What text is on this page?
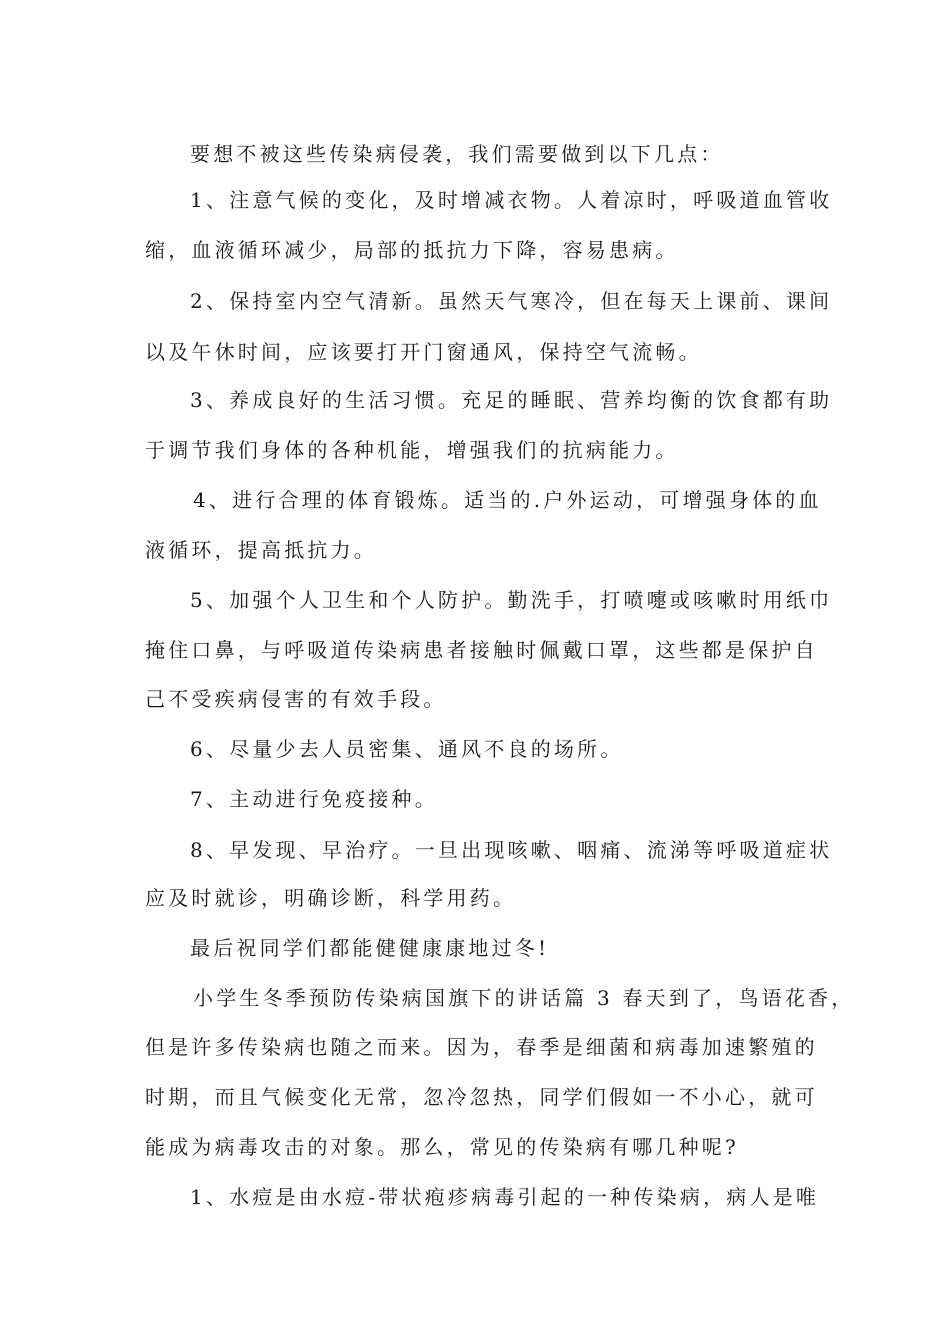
要想不被这些传染病侵袭，我们需要做到以下几点：

1、注意气候的变化，及时增减衣物。人着凉时，呼吸道血管收

缩，血液循环减少，局部的抵抗力下降，容易患病。

2、保持室内空气清新。虽然天气寒冷，但在每天上课前、课间

以及午休时间，应该要打开门窗通风，保持空气流畅。

3、养成良好的生活习惯。充足的睡眠、营养均衡的饮食都有助

于调节我们身体的各种机能，增强我们的抗病能力。

4、进行合理的体育锻炼。适当的.户外运动，可增强身体的血

液循环，提高抵抗力。

5、加强个人卫生和个人防护。勤洗手，打喷嚏或咳嗽时用纸巾

掩住口鼻，与呼吸道传染病患者接触时佩戴口罩，这些都是保护自

己不受疾病侵害的有效手段。

6、尽量少去人员密集、通风不良的场所。

7、主动进行免疫接种。

8、早发现、早治疗。一旦出现咳嗽、咽痛、流涕等呼吸道症状

应及时就诊，明确诊断，科学用药。

最后祝同学们都能健健康康地过冬!

小学生冬季预防传染病国旗下的讲话篇 3 春天到了，鸟语花香，

但是许多传染病也随之而来。因为，春季是细菌和病毒加速繁殖的

时期，而且气候变化无常，忽冷忽热，同学们假如一不小心，就可

能成为病毒攻击的对象。那么，常见的传染病有哪几种呢?

1、水痘是由水痘-带状疱疹病毒引起的一种传染病，病人是唯
